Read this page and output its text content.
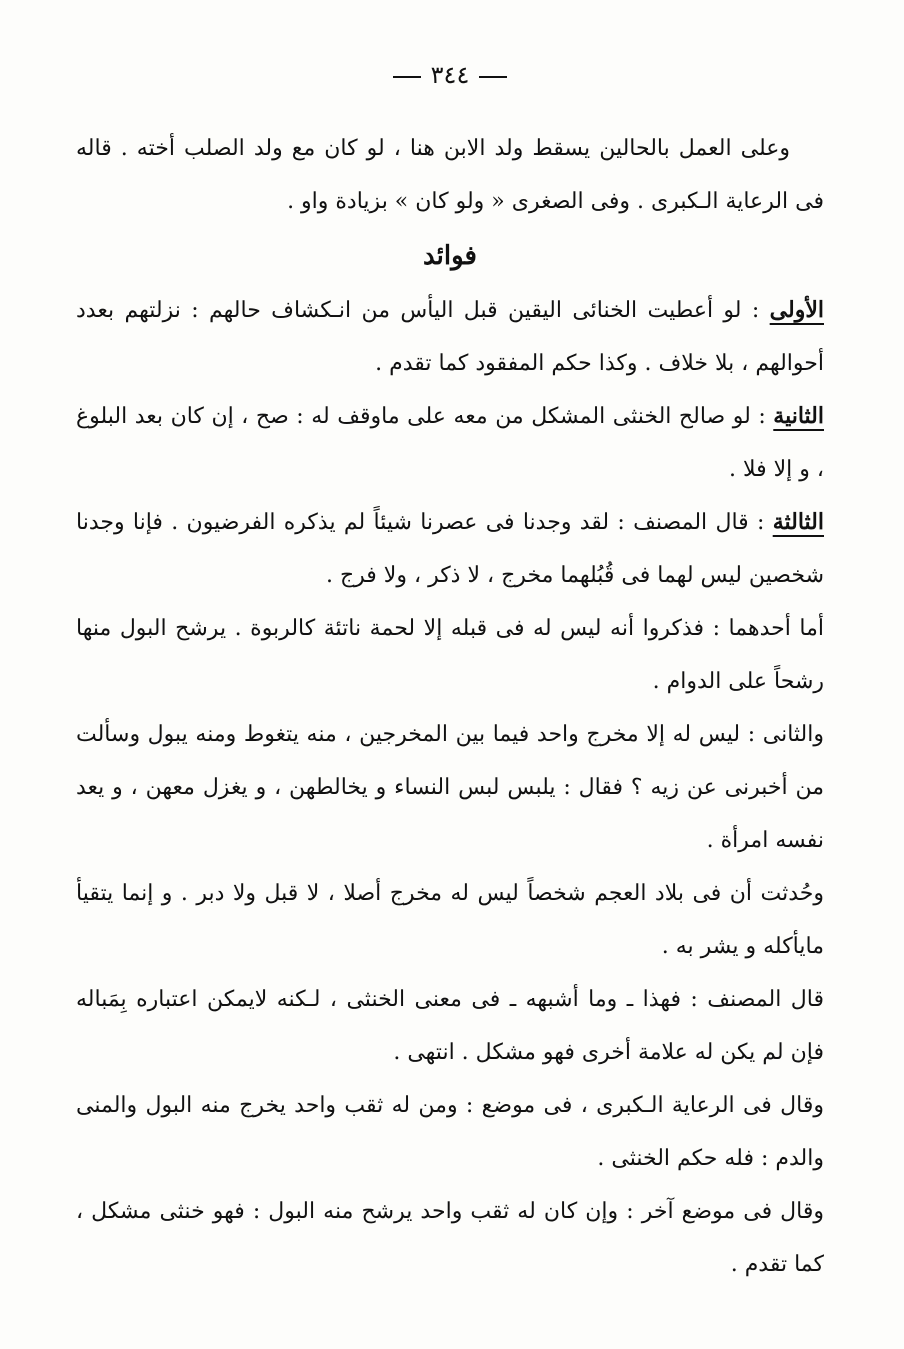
٣٤٤

وعلى العمل بالحالين يسقط ولد الابن هنا ، لو كان مع ولد الصلب أخته . قاله فى الرعاية الـكبرى . وفى الصغرى « ولو كان » بزيادة واو .

فوائد

الأولى : لو أعطيت الخنائى اليقين قبل اليأس من انـكشاف حالهم : نزلتهم بعدد أحوالهم ، بلا خلاف . وكذا حكم المفقود كما تقدم .

الثانية : لو صالح الخنثى المشكل من معه على ماوقف له : صح ، إن كان بعد البلوغ ، و إلا فلا .

الثالثة : قال المصنف : لقد وجدنا فى عصرنا شيئاً لم يذكره الفرضيون . فإنا وجدنا شخصين ليس لهما فى قُبُلهما مخرج ، لا ذكر ، ولا فرج .

أما أحدهما : فذكروا أنه ليس له فى قبله إلا لحمة ناتئة كالربوة . يرشح البول منها رشحاً على الدوام .

والثانى : ليس له إلا مخرج واحد فيما بين المخرجين ، منه يتغوط ومنه يبول وسألت من أخبرنى عن زيه ؟ فقال : يلبس لبس النساء و يخالطهن ، و يغزل معهن ، و يعد نفسه امرأة .

وحُدثت أن فى بلاد العجم شخصاً ليس له مخرج أصلا ، لا قبل ولا دبر . و إنما يتقيأ مايأكله و يشر به .

قال المصنف : فهذا ـ وما أشبهه ـ فى معنى الخنثى ، لـكنه لايمكن اعتباره بِمَباله فإن لم يكن له علامة أخرى فهو مشكل . انتهى .

وقال فى الرعاية الـكبرى ، فى موضع : ومن له ثقب واحد يخرج منه البول والمنى والدم : فله حكم الخنثى .

وقال فى موضع آخر : وإن كان له ثقب واحد يرشح منه البول : فهو خنثى مشكل ، كما تقدم .
